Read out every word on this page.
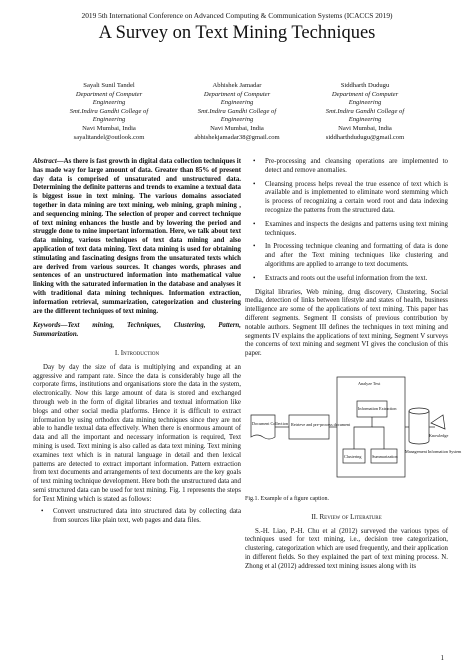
2019 5th International Conference on Advanced Computing & Communication Systems (ICACCS 2019)
A Survey on Text Mining Techniques
Sayali Sunil Tandel
Department of Computer
Engineering
Smt.Indira Gandhi College of
Engineering
Navi Mumbai, India
sayalitandel@outlook.com
Abhishek Jamadar
Department of Computer
Engineering
Smt.Indira Gandhi College of
Engineering
Navi Mumbai, India
abhishekjamadar38@gmail.com
Siddharth Dudugu
Department of Computer
Engineering
Smt.Indira Gandhi College of
Engineering
Navi Mumbai, India
siddharthdudugu@gmail.com
Abstract—As there is fast growth in digital data collection techniques it has made way for large amount of data. Greater than 85% of present day data is comprised of unsaturated and unstructured data. Determining the definite patterns and trends to examine a textual data is biggest issue in text mining. The various domains associated together in data mining are text mining, web mining, graph mining , and sequencing mining. The selection of proper and correct technique of text mining enhances the hustle and by lowering the period and struggle done to mine important information. Here, we talk about text data mining, various techniques of text data mining and also application of text data mining. Text data mining is used for obtaining stimulating and fascinating designs from the unsaturated texts which are derived from various sources. It changes words, phrases and sentences of an unstructured information into mathematical value linking with the saturated information in the database and analyses it with traditional data mining techniques. Information extraction, information retrieval, summarization, categorization and clustering are the different techniques of text mining.
Keywords—Text mining, Techniques, Clustering, Pattern, Summarization.
I. Introduction

Day by day the size of data is multiplying and expanding at an aggressive and rampant rate. Since the data is considerably huge all the corporate firms, institutions and organisations store the data in the system, electronically. Now this large amount of data is stored and exchanged through web in the form of digital libraries and textual information like blogs and other social media platforms. Hence it is difficult to extract information by using orthodox data mining techniques since they are not able to handle textual data effectively. When there is enormous amount of data and all the important and necessary information is required, Text mining is used. Text mining is also called as data text mining. Text mining examines text which is in natural language in detail and then lexical patterns are detected to extract important information. Pattern extraction from text documents and arrangements of text documents are the key goals of text mining technique development. Here both the unstructured data and semi structured data can be used for text mining. Fig. 1 represents the steps for Text Mining which is stated as follows:

• Convert unstructured data into structured data by collecting data from sources like plain text, web pages and data files.
• Pre-processing and cleansing operations are implemented to detect and remove anomalies.
• Cleansing process helps reveal the true essence of text which is available and is implemented to eliminate word stemming which is process of recognizing a certain word root and data indexing recognize the patterns from the structured data.
• Examines and inspects the designs and patterns using text mining techniques.
• In Processing technique cleaning and formatting of data is done and after the Text mining techniques like clustering and algorithms are applied to arrange to text documents.
• Extracts and roots out the useful information from the text.

Digital libraries, Web mining, drug discovery, Clustering, Social media, detection of links between lifestyle and states of health, business intelligence are some of the applications of text mining. This paper has different segments. Segment II consists of previous contribution by notable authors. Segment III defines the techniques in text mining and segments IV explains the applications of text mining, Segment V surveys the concerns of text mining and segment VI gives the conclusion of this paper.

Document Collection Retrieve and pre-process document
Analyze Text
Information Extraction
Clustering	Summarization
Management Information System
Knowledge
Fig.1. Example of a figure caption.
II. Review of Literature

S.-H. Liao, P.-H. Chu et al (2012) surveyed the various types of techniques used for text mining, i.e., decision tree categorization, clustering, categorization which are used frequently, and their application in different fields. So they explained the part of text mining process. N. Zhong et al (2012) addressed text mining issues along with its

1
